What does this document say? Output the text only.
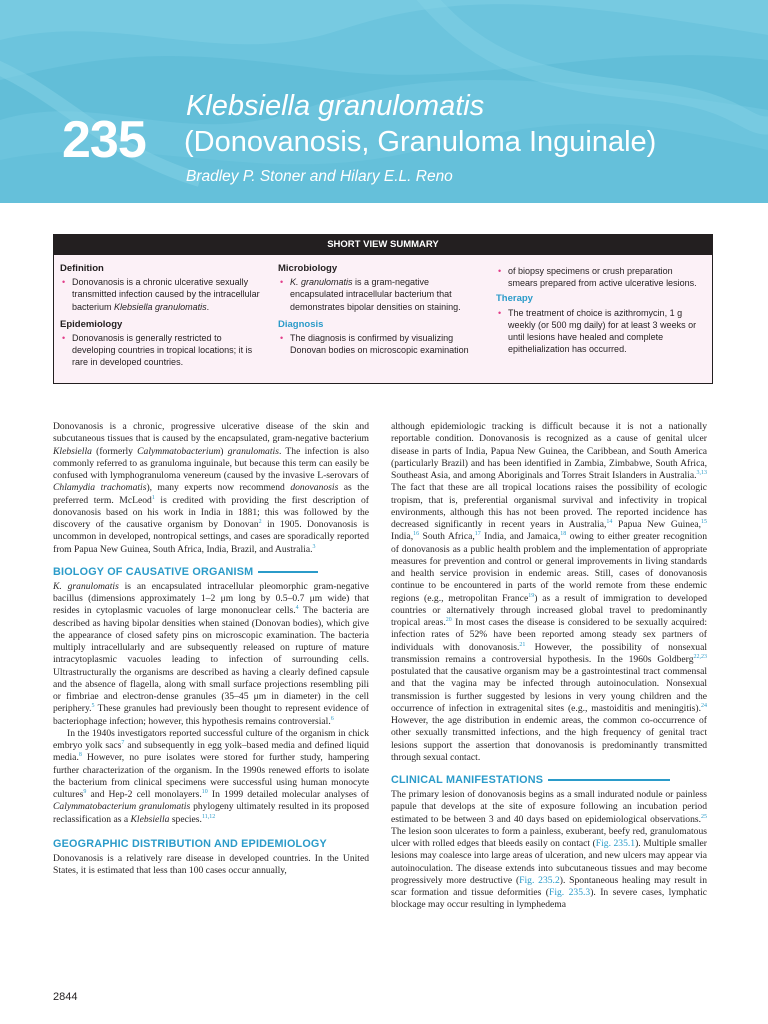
235
Klebsiella granulomatis
(Donovanosis, Granuloma Inguinale)
Bradley P. Stoner and Hilary E.L. Reno
SHORT VIEW SUMMARY
Definition
• Donovanosis is a chronic ulcerative sexually transmitted infection caused by the intracellular bacterium Klebsiella granulomatis.
Epidemiology
• Donovanosis is generally restricted to developing countries in tropical locations; it is rare in developed countries.
Microbiology
• K. granulomatis is a gram-negative encapsulated intracellular bacterium that demonstrates bipolar densities on staining.
Diagnosis
• The diagnosis is confirmed by visualizing Donovan bodies on microscopic examination
• of biopsy specimens or crush preparation smears prepared from active ulcerative lesions.
Therapy
• The treatment of choice is azithromycin, 1 g weekly (or 500 mg daily) for at least 3 weeks or until lesions have healed and complete epithelialization has occurred.

Donovanosis is a chronic, progressive ulcerative disease of the skin and subcutaneous tissues that is caused by the encapsulated, gram-negative bacterium Klebsiella (formerly Calymmatobacterium) granulomatis. The infection is also commonly referred to as granuloma inguinale, but because this term can easily be confused with lymphogranuloma venereum (caused by the invasive L-serovars of Chlamydia trachomatis), many experts now recommend donovanosis as the preferred term. McLeod$^1$ is credited with providing the first description of donovanosis based on his work in India in 1881; this was followed by the discovery of the causative organism by Donovan$^2$ in 1905. Donovanosis is uncommon in developed, nontropical settings, and cases are sporadically reported from Papua New Guinea, South Africa, India, Brazil, and Australia.$^3$

BIOLOGY OF CAUSATIVE ORGANISM

K. granulomatis is an encapsulated intracellular pleomorphic gram-negative bacillus (dimensions approximately 1–2 μm long by 0.5–0.7 μm wide) that resides in cytoplasmic vacuoles of large mononuclear cells.$^4$ The bacteria are described as having bipolar densities when stained (Donovan bodies), which give the appearance of closed safety pins on microscopic examination. The bacteria multiply intracellularly and are subsequently released on rupture of mature intracytoplasmic vacuoles leading to infection of surrounding cells. Ultrastructurally the organisms are described as having a clearly defined capsule and the absence of flagella, along with small surface projections resembling pili or fimbriae and electron-dense granules (35–45 μm in diameter) in the cell periphery.$^5$ These granules had previously been thought to represent evidence of bacteriophage infection; however, this hypothesis remains controversial.$^6$

In the 1940s investigators reported successful culture of the organism in chick embryo yolk sacs$^7$ and subsequently in egg yolk–based media and defined liquid media.$^8$ However, no pure isolates were stored for further study, hampering further characterization of the organism. In the 1990s renewed efforts to isolate the bacterium from clinical specimens were successful using human monocyte cultures$^9$ and Hep-2 cell monolayers.$^{10}$ In 1999 detailed molecular analyses of Calymmatobacterium granulomatis phylogeny ultimately resulted in its proposed reclassification as a Klebsiella species.$^{11,12}$

GEOGRAPHIC DISTRIBUTION AND EPIDEMIOLOGY

Donovanosis is a relatively rare disease in developed countries. In the United States, it is estimated that less than 100 cases occur annually,

although epidemiologic tracking is difficult because it is not a nationally reportable condition. Donovanosis is recognized as a cause of genital ulcer disease in parts of India, Papua New Guinea, the Caribbean, and South America (particularly Brazil) and has been identified in Zambia, Zimbabwe, South Africa, Southeast Asia, and among Aboriginals and Torres Strait Islanders in Australia.$^{3,13}$ The fact that these are all tropical locations raises the possibility of ecologic tropism, that is, preferential organismal survival and infectivity in tropical environments, although this has not been proved. The reported incidence has decreased significantly in recent years in Australia,$^{14}$ Papua New Guinea,$^{15}$ India,$^{16}$ South Africa,$^{17}$ India, and Jamaica,$^{18}$ owing to either greater recognition of donovanosis as a public health problem and the implementation of appropriate measures for prevention and control or general improvements in living standards and health service provision in endemic areas. Still, cases of donovanosis continue to be encountered in parts of the world remote from these endemic regions (e.g., metropolitan France$^{19}$) as a result of immigration to developed countries or alternatively through increased global travel to predominantly tropical areas.$^{20}$ In most cases the disease is considered to be sexually acquired: infection rates of 52% have been reported among steady sex partners of individuals with donovanosis.$^{21}$ However, the possibility of nonsexual transmission remains a controversial hypothesis. In the 1960s Goldberg$^{22,23}$ postulated that the causative organism may be a gastrointestinal tract commensal and that the vagina may be infected through autoinoculation. Nonsexual transmission is further suggested by lesions in very young children and the occurrence of infection in extragenital sites (e.g., mastoiditis and meningitis).$^{24}$ However, the age distribution in endemic areas, the common co-occurrence of other sexually transmitted infections, and the high frequency of genital tract lesions support the assertion that donovanosis is predominantly transmitted through sexual contact.

CLINICAL MANIFESTATIONS

The primary lesion of donovanosis begins as a small indurated nodule or painless papule that develops at the site of exposure following an incubation period estimated to be between 3 and 40 days based on epidemiological observations.$^{25}$ The lesion soon ulcerates to form a painless, exuberant, beefy red, granulomatous ulcer with rolled edges that bleeds easily on contact (Fig. 235.1). Multiple smaller lesions may coalesce into large areas of ulceration, and new ulcers may appear via autoinoculation. The disease extends into subcutaneous tissues and may become progressively more destructive (Fig. 235.2). Spontaneous healing may result in scar formation and tissue deformities (Fig. 235.3). In severe cases, lymphatic blockage may occur resulting in lymphedema

2844
